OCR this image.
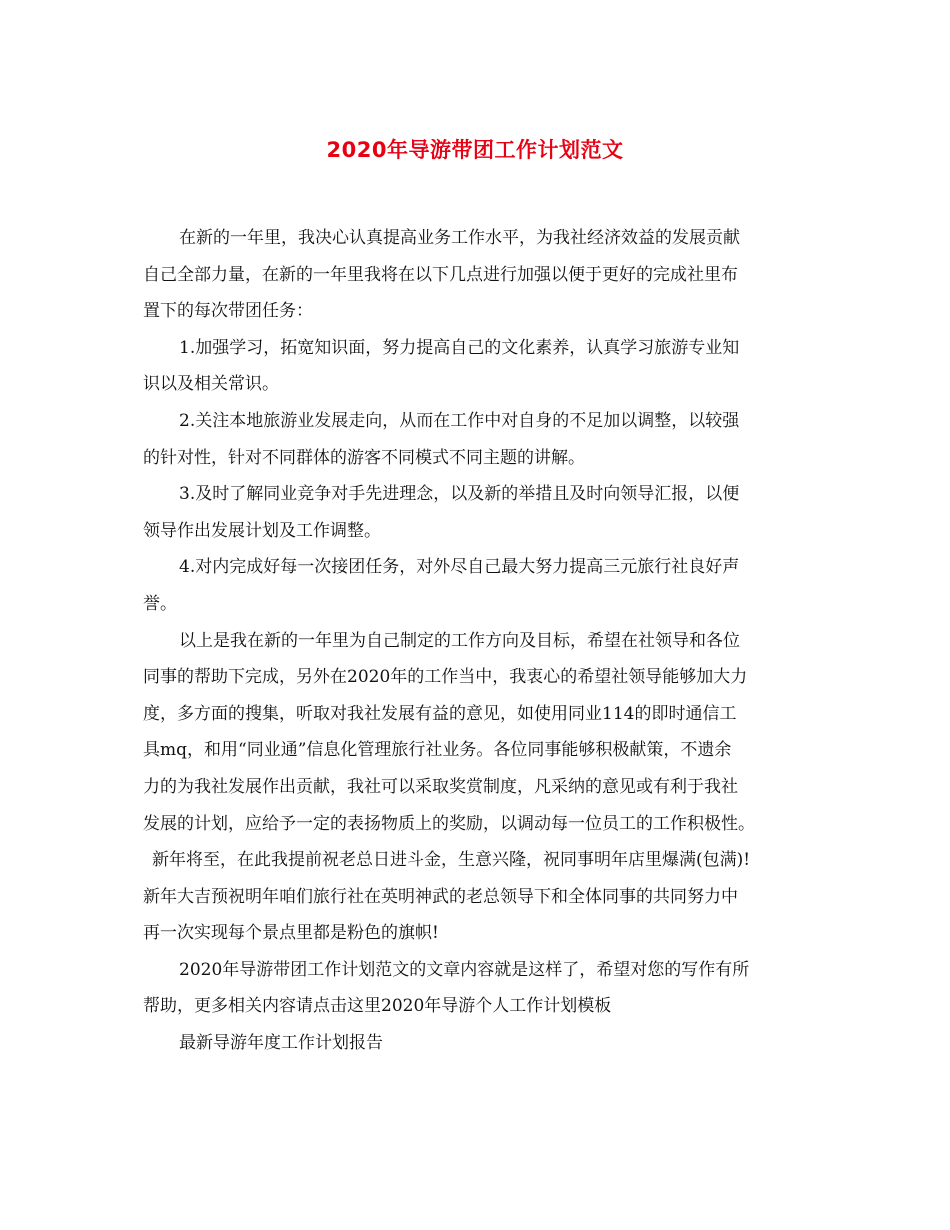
2020年导游带团工作计划范文
在新的一年里，我决心认真提高业务工作水平，为我社经济效益的发展贡献
自己全部力量，在新的一年里我将在以下几点进行加强以便于更好的完成社里布
置下的每次带团任务：
1.加强学习，拓宽知识面，努力提高自己的文化素养，认真学习旅游专业知
识以及相关常识。
2.关注本地旅游业发展走向，从而在工作中对自身的不足加以调整，以较强
的针对性，针对不同群体的游客不同模式不同主题的讲解。
3.及时了解同业竞争对手先进理念，以及新的举措且及时向领导汇报，以便
领导作出发展计划及工作调整。
4.对内完成好每一次接团任务，对外尽自己最大努力提高三元旅行社良好声
誉。
以上是我在新的一年里为自己制定的工作方向及目标，希望在社领导和各位
同事的帮助下完成，另外在2020年的工作当中，我衷心的希望社领导能够加大力
度，多方面的搜集，听取对我社发展有益的意见，如使用同业114的即时通信工
具mq，和用“同业通”信息化管理旅行社业务。各位同事能够积极献策，不遗余
力的为我社发展作出贡献，我社可以采取奖赏制度，凡采纳的意见或有利于我社
发展的计划，应给予一定的表扬物质上的奖励，以调动每一位员工的工作积极性。
新年将至，在此我提前祝老总日进斗金，生意兴隆，祝同事明年店里爆满(包满)!
新年大吉预祝明年咱们旅行社在英明神武的老总领导下和全体同事的共同努力中
再一次实现每个景点里都是粉色的旗帜!
2020年导游带团工作计划范文的文章内容就是这样了，希望对您的写作有所
帮助，更多相关内容请点击这里2020年导游个人工作计划模板
最新导游年度工作计划报告
